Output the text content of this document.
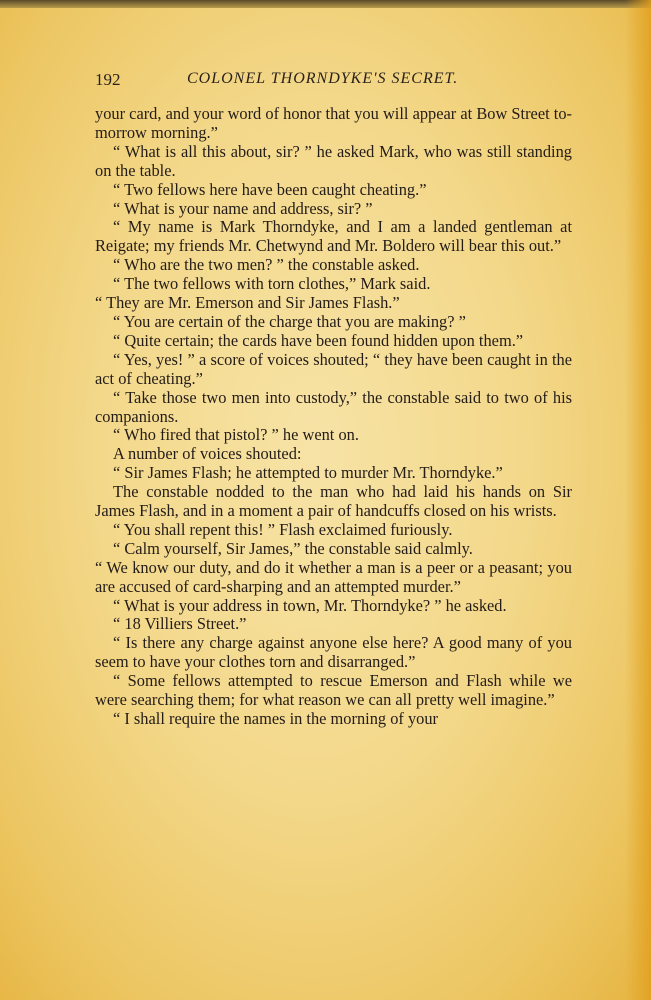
192	COLONEL THORNDYKE'S SECRET.

your card, and your word of honor that you will appear at Bow Street to-morrow morning.”

“ What is all this about, sir? ” he asked Mark, who was still standing on the table.

“ Two fellows here have been caught cheating.”

“ What is your name and address, sir? ”

“ My name is Mark Thorndyke, and I am a landed gentleman at Reigate; my friends Mr. Chetwynd and Mr. Boldero will bear this out.”

“ Who are the two men? ” the constable asked.

“ The two fellows with torn clothes,” Mark said.

“ They are Mr. Emerson and Sir James Flash.”

“ You are certain of the charge that you are making? ”

“ Quite certain; the cards have been found hidden upon them.”

“ Yes, yes! ” a score of voices shouted; “ they have been caught in the act of cheating.”

“ Take those two men into custody,” the constable said to two of his companions.

“ Who fired that pistol? ” he went on.

A number of voices shouted:

“ Sir James Flash; he attempted to murder Mr. Thorndyke.”

The constable nodded to the man who had laid his hands on Sir James Flash, and in a moment a pair of handcuffs closed on his wrists.

“ You shall repent this! ” Flash exclaimed furiously.

“ Calm yourself, Sir James,” the constable said calmly.

“ We know our duty, and do it whether a man is a peer or a peasant; you are accused of card-sharping and an attempted murder.”

“ What is your address in town, Mr. Thorndyke? ” he asked.

“ 18 Villiers Street.”

“ Is there any charge against anyone else here? A good many of you seem to have your clothes torn and disarranged.”

“ Some fellows attempted to rescue Emerson and Flash while we were searching them; for what reason we can all pretty well imagine.”

“ I shall require the names in the morning of your
